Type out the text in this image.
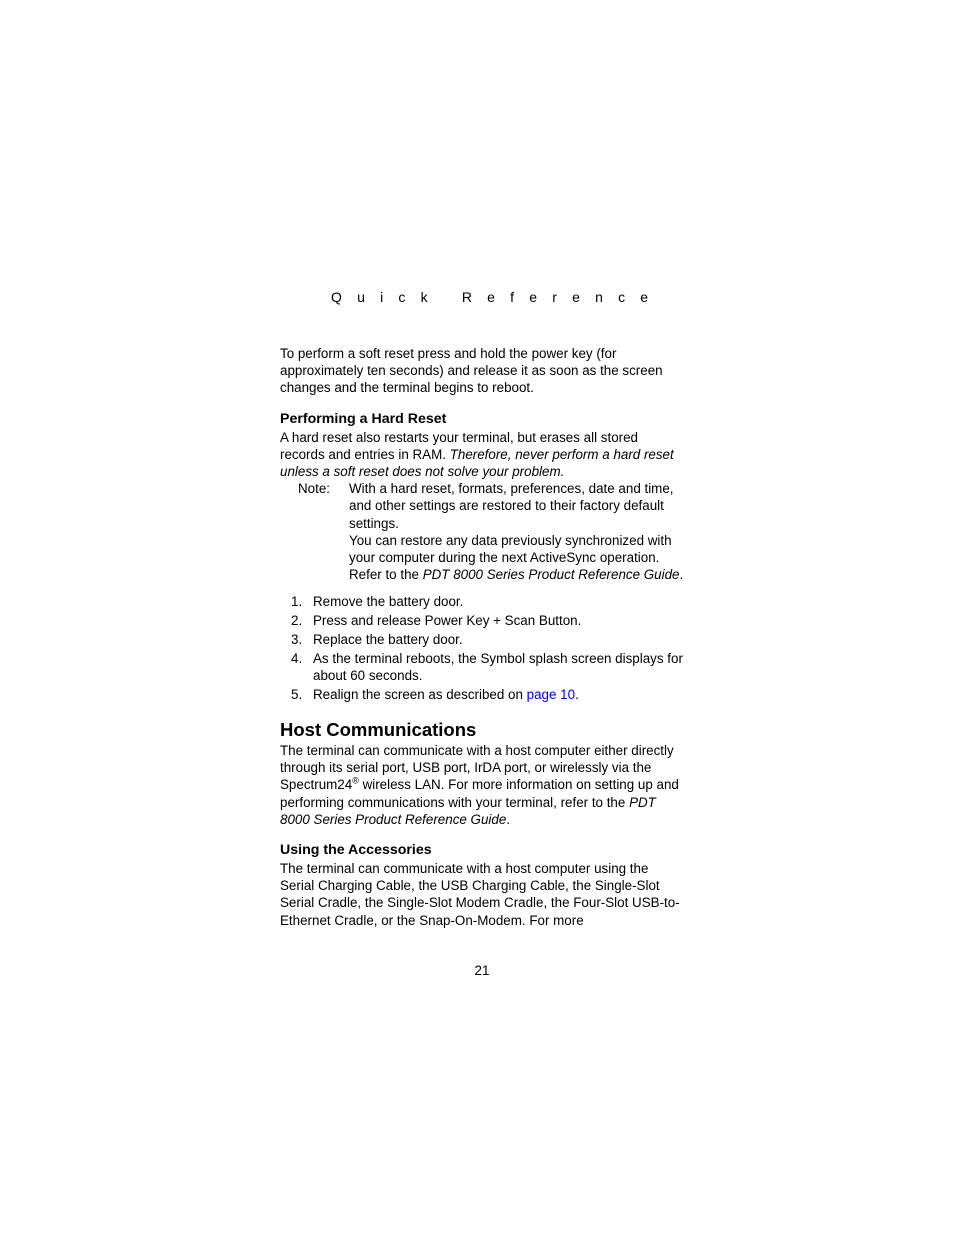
Quick Reference

To perform a soft reset press and hold the power key (for approximately ten seconds) and release it as soon as the screen changes and the terminal begins to reboot.

Performing a Hard Reset

A hard reset also restarts your terminal, but erases all stored records and entries in RAM. Therefore, never perform a hard reset unless a soft reset does not solve your problem.

Note:	With a hard reset, formats, preferences, date and time, and other settings are restored to their factory default settings.

You can restore any data previously synchronized with your computer during the next ActiveSync operation. Refer to the PDT 8000 Series Product Reference Guide.

1. Remove the battery door.
2. Press and release Power Key + Scan Button.
3. Replace the battery door.
4. As the terminal reboots, the Symbol splash screen displays for about 60 seconds.
5. Realign the screen as described on page 10.
Host Communications

The terminal can communicate with a host computer either directly through its serial port, USB port, IrDA port, or wirelessly via the Spectrum24® wireless LAN. For more information on setting up and performing communications with your terminal, refer to the PDT 8000 Series Product Reference Guide.

Using the Accessories

The terminal can communicate with a host computer using the Serial Charging Cable, the USB Charging Cable, the Single-Slot Serial Cradle, the Single-Slot Modem Cradle, the Four-Slot USB-to-Ethernet Cradle, or the Snap-On-Modem. For more

21
